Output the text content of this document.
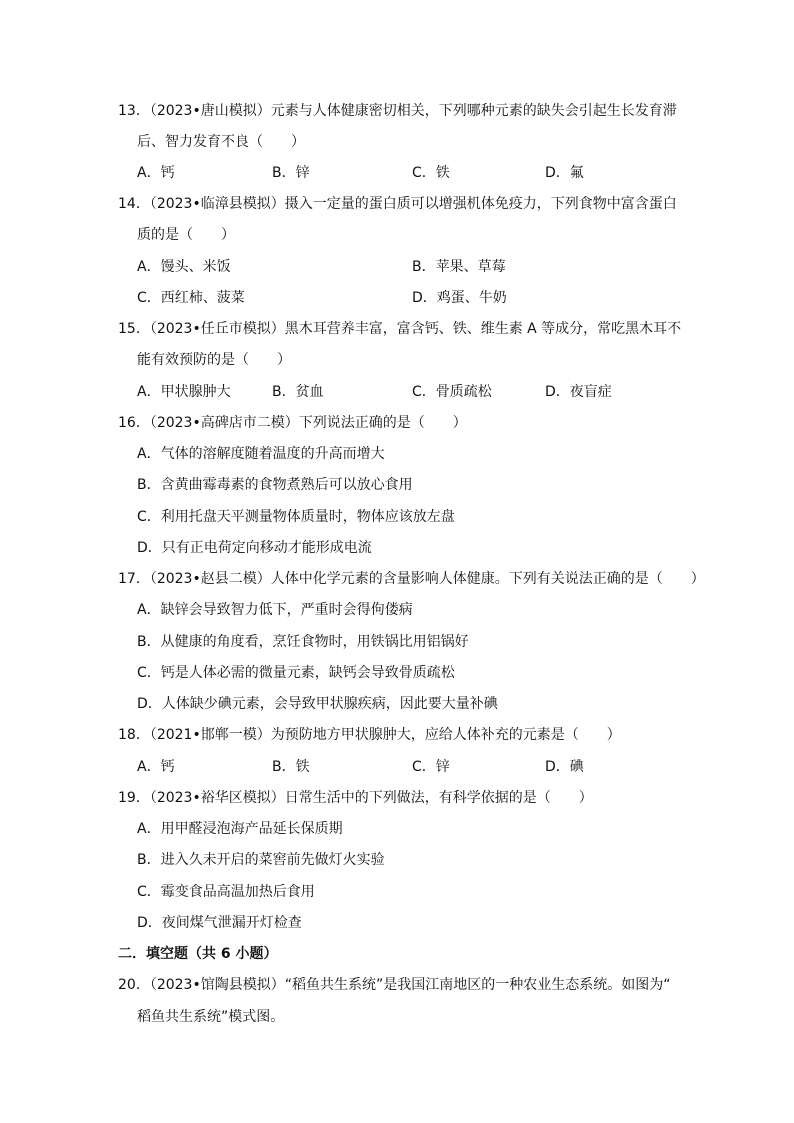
13．（2023•唐山模拟）元素与人体健康密切相关，下列哪种元素的缺失会引起生长发育滞
后、智力发育不良（　　）
A．钙	B．锌	C．铁	D．氟
14．（2023•临漳县模拟）摄入一定量的蛋白质可以增强机体免疫力，下列食物中富含蛋白
质的是（　　）
A．馒头、米饭	B．苹果、草莓
C．西红柿、菠菜	D．鸡蛋、牛奶
15．（2023•任丘市模拟）黑木耳营养丰富，富含钙、铁、维生素 A 等成分，常吃黑木耳不
能有效预防的是（　　）
A．甲状腺肿大	B．贫血	C．骨质疏松	D．夜盲症
16．（2023•高碑店市二模）下列说法正确的是（　　）
A．气体的溶解度随着温度的升高而增大
B．含黄曲霉毒素的食物煮熟后可以放心食用
C．利用托盘天平测量物体质量时，物体应该放左盘
D．只有正电荷定向移动才能形成电流
17．（2023•赵县二模）人体中化学元素的含量影响人体健康。下列有关说法正确的是（　　）
A．缺锌会导致智力低下，严重时会得佝偻病
B．从健康的角度看，烹饪食物时，用铁锅比用铝锅好
C．钙是人体必需的微量元素，缺钙会导致骨质疏松
D．人体缺少碘元素，会导致甲状腺疾病，因此要大量补碘
18．（2021•邯郸一模）为预防地方甲状腺肿大，应给人体补充的元素是（　　）
A．钙	B．铁	C．锌	D．碘
19．（2023•裕华区模拟）日常生活中的下列做法，有科学依据的是（　　）
A．用甲醛浸泡海产品延长保质期
B．进入久未开启的菜窖前先做灯火实验
C．霉变食品高温加热后食用
D．夜间煤气泄漏开灯检查
二．填空题（共 6 小题）
20．（2023•馆陶县模拟）“稻鱼共生系统”是我国江南地区的一种农业生态系统。如图为“
稻鱼共生系统”模式图。
